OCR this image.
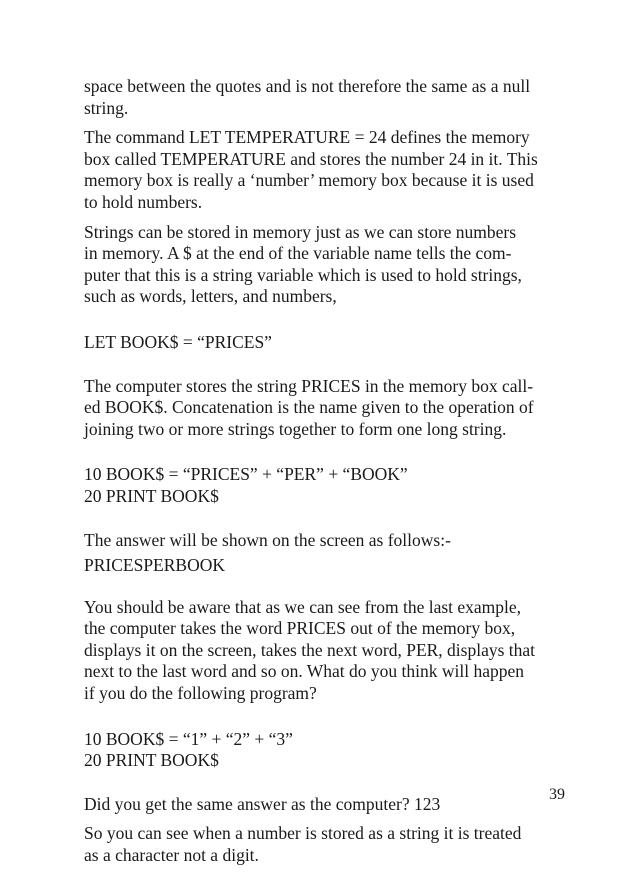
space between the quotes and is not therefore the same as a null
string.
The command LET TEMPERATURE = 24 defines the memory
box called TEMPERATURE and stores the number 24 in it. This
memory box is really a ‘number’ memory box because it is used
to hold numbers.
Strings can be stored in memory just as we can store numbers
in memory. A $ at the end of the variable name tells the com-
puter that this is a string variable which is used to hold strings,
such as words, letters, and numbers,
LET BOOK$ = “PRICES”
The computer stores the string PRICES in the memory box call-
ed BOOK$. Concatenation is the name given to the operation of
joining two or more strings together to form one long string.
10 BOOK$ = “PRICES” + “PER” + “BOOK”
20 PRINT BOOK$
The answer will be shown on the screen as follows:-
PRICESPERBOOK
You should be aware that as we can see from the last example,
the computer takes the word PRICES out of the memory box,
displays it on the screen, takes the next word, PER, displays that
next to the last word and so on. What do you think will happen
if you do the following program?
10 BOOK$ = “1” + “2” + “3”
20 PRINT BOOK$
Did you get the same answer as the computer? 123
So you can see when a number is stored as a string it is treated
as a character not a digit.
39
